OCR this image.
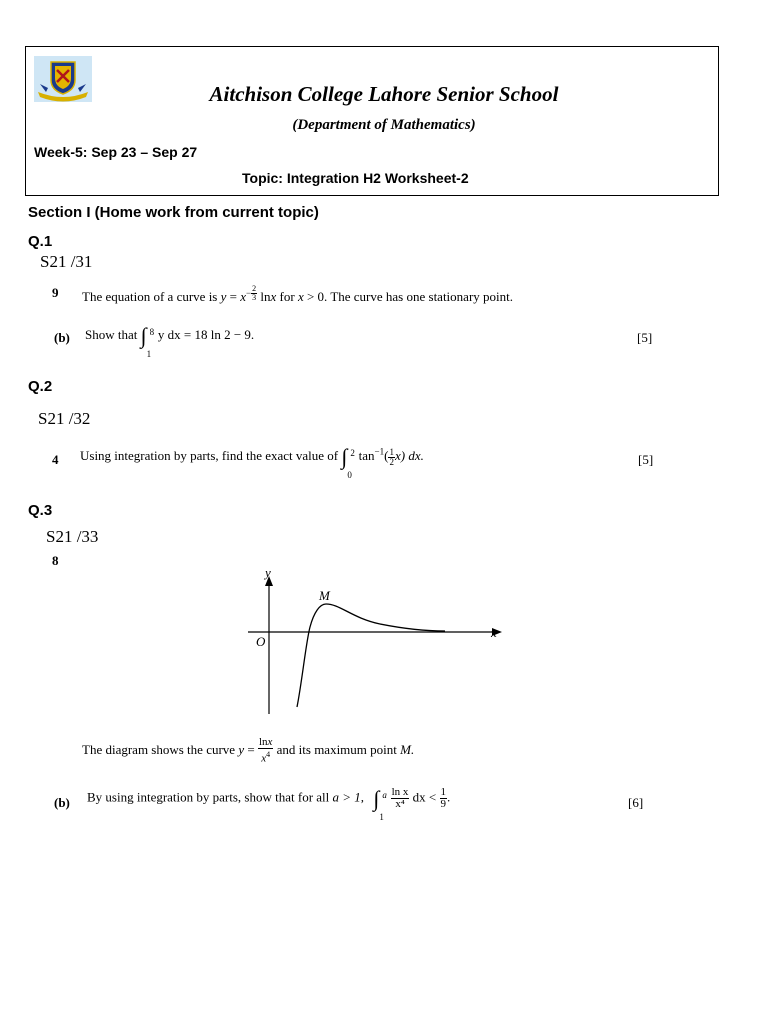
Aitchison College Lahore Senior School
(Department of Mathematics)
Week-5: Sep 23 – Sep 27
Topic: Integration H2 Worksheet-2
Section I (Home work from current topic)
Q.1
S21 /31
9 The equation of a curve is $y = x^{- \frac{2}{3}}$ lnx for x > 0. The curve has one stationary point.
(b) Show that ∫ 8
1
y dx = 18 ln 2 − 9.	[5]
Q.2
S21 /32
4 Using integration by parts, find the exact value of ∫ 2
0
$\tan^{-1}( \frac{1}{2} x)$ dx.	[5]
Q.3
S21 /33
8
y
x
O
M
The diagram shows the curve $y = \frac{\ln x}{x^4}$ and its maximum point M.
(b) By using integration by parts, show that for all a > 1, ∫ a
1

$\frac{\text{ln x}}{\text{x⁴}}$ dx < $\frac{1}{9}$ .	[6]
